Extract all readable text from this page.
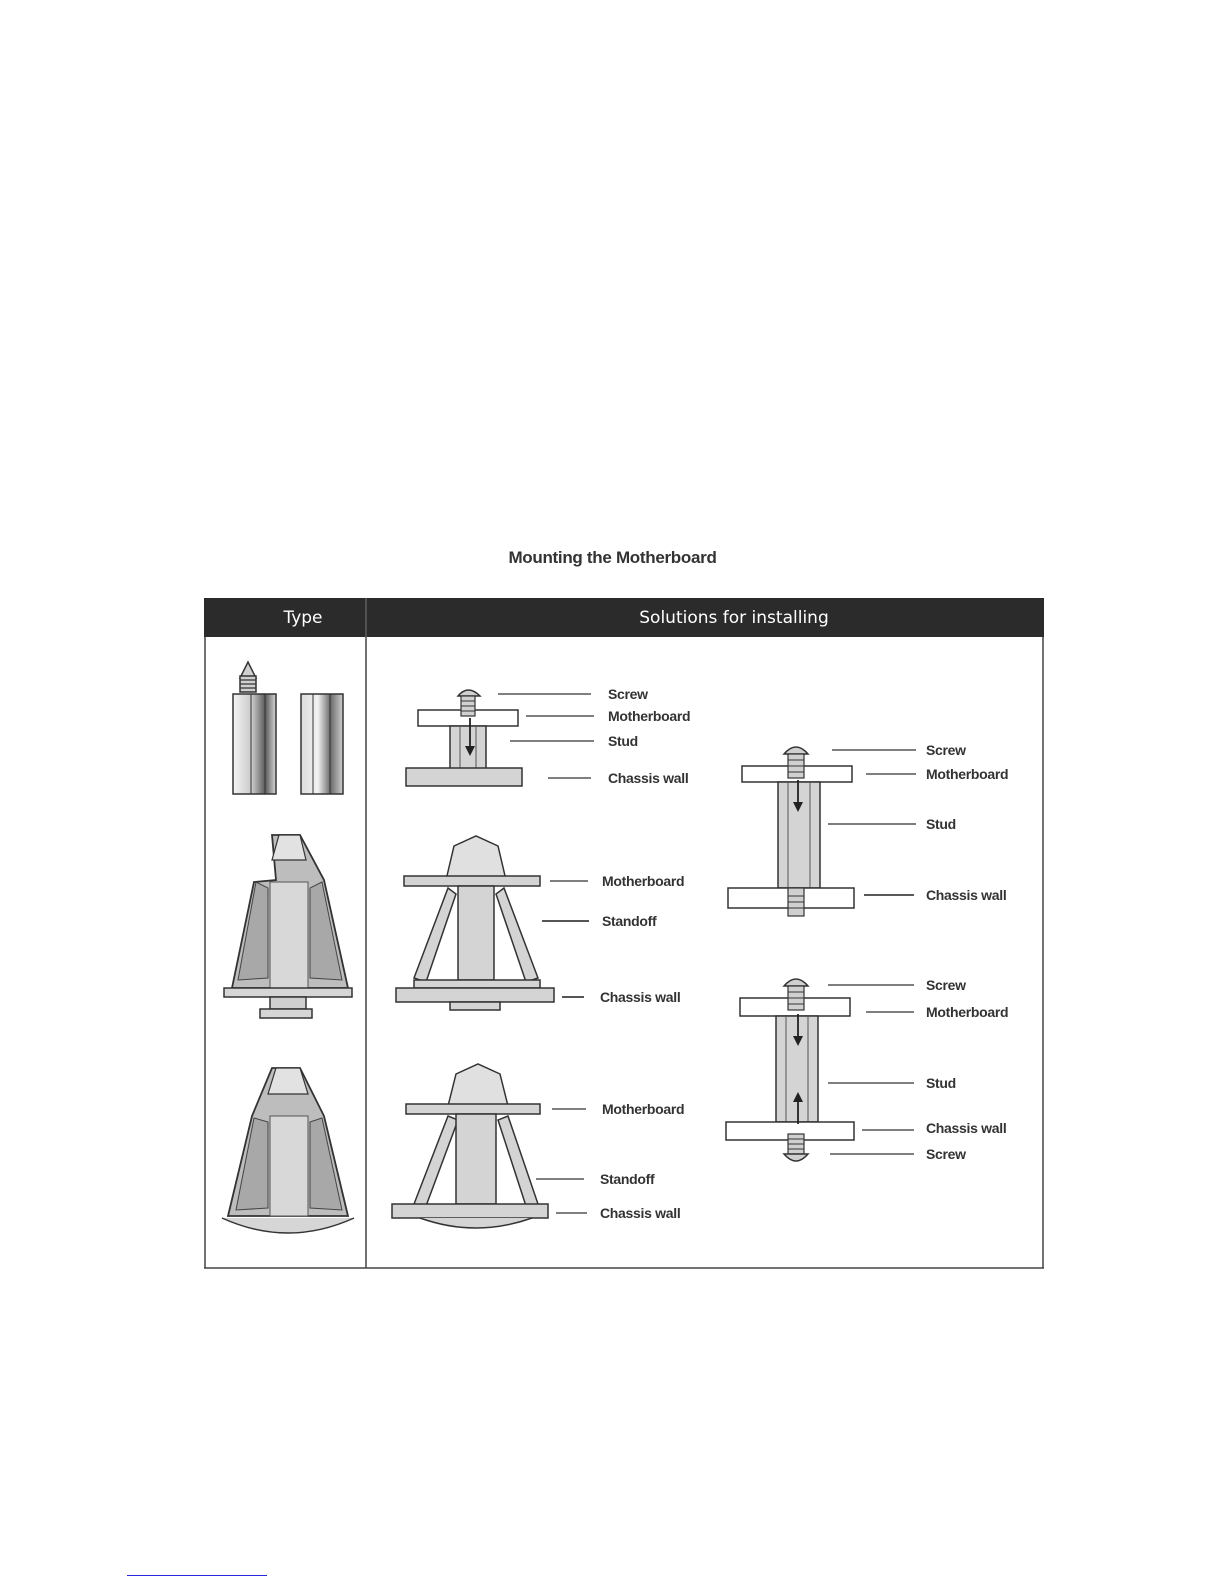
Mounting the Motherboard
Screw
Motherboard
Stud
Chassis wall
Motherboard
Standoff
Chassis wall
Motherboard
Standoff
Chassis wall
Screw
Motherboard
Stud
Chassis wall
Screw
Motherboard
Stud
Chassis wall
Screw
Type	Solutions for installing
